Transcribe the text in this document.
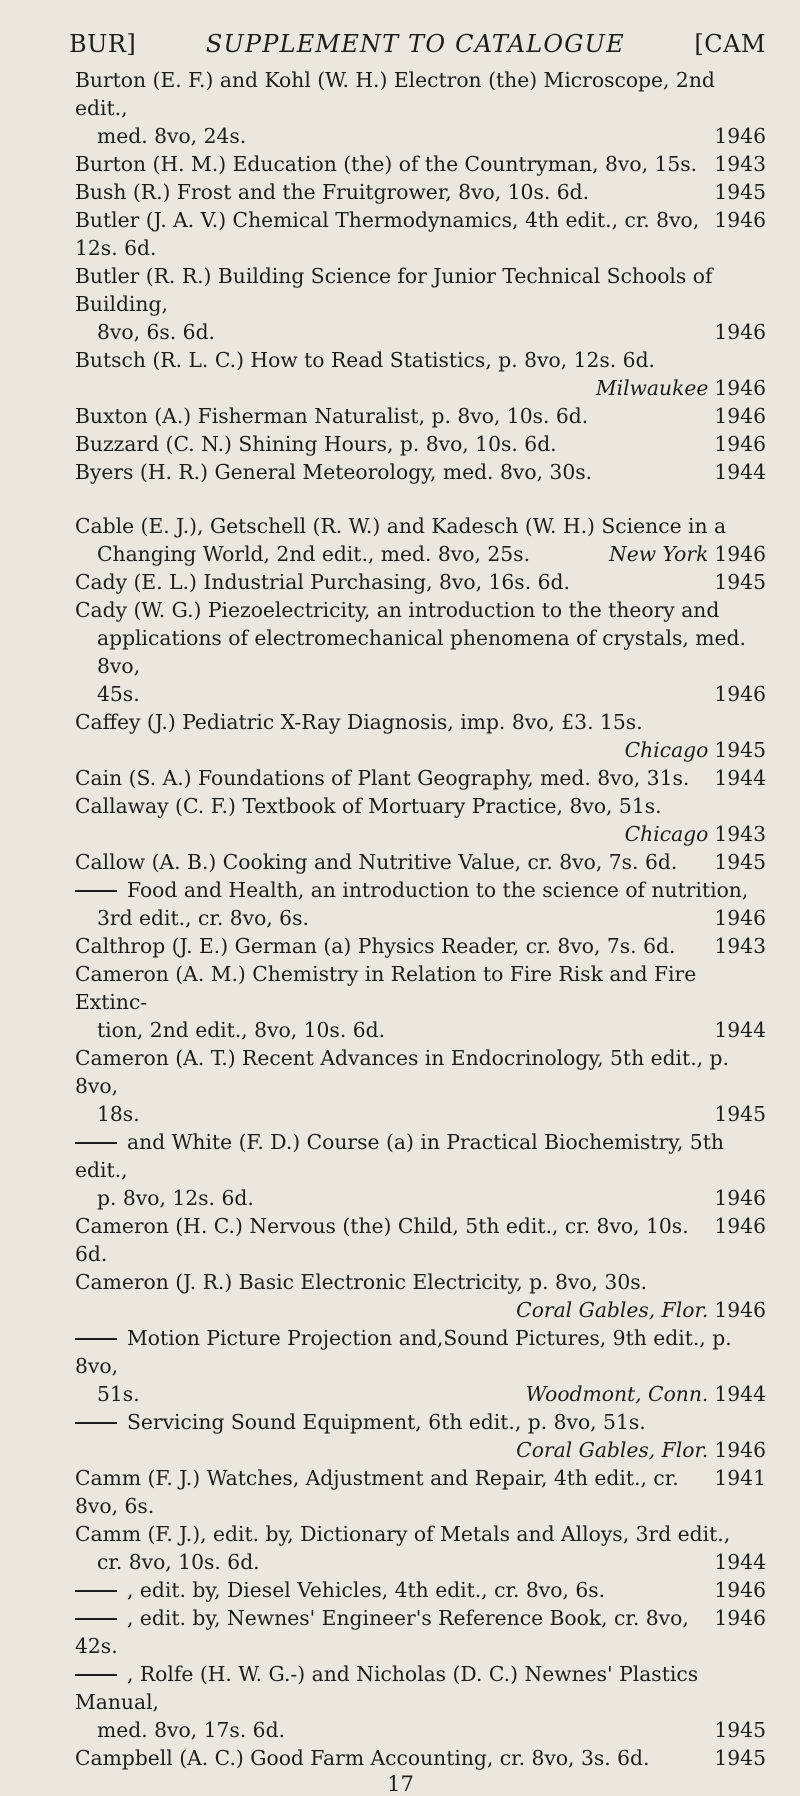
BUR]	SUPPLEMENT TO CATALOGUE	[CAM
Burton (E. F.) and Kohl (W. H.) Electron (the) Microscope, 2nd edit.,
med. 8vo, 24s.	1946
Burton (H. M.) Education (the) of the Countryman, 8vo, 15s. 1943
Bush (R.) Frost and the Fruitgrower, 8vo, 10s. 6d.	1945
Butler (J. A. V.) Chemical Thermodynamics, 4th edit., cr. 8vo, 12s. 6d.
1946
Butler (R. R.) Building Science for Junior Technical Schools of Building,
8vo, 6s. 6d.	1946
Butsch (R. L. C.) How to Read Statistics, p. 8vo, 12s. 6d.
Milwaukee 1946
Buxton (A.) Fisherman Naturalist, p. 8vo, 10s. 6d.	1946
Buzzard (C. N.) Shining Hours, p. 8vo, 10s. 6d.	1946
Byers (H. R.) General Meteorology, med. 8vo, 30s.	1944
Cable (E. J.), Getschell (R. W.) and Kadesch (W. H.) Science in a
Changing World, 2nd edit., med. 8vo, 25s.	New York 1946
Cady (E. L.) Industrial Purchasing, 8vo, 16s. 6d.	1945
Cady (W. G.) Piezoelectricity, an introduction to the theory and
applications of electromechanical phenomena of crystals, med. 8vo,
45s.	1946
Caffey (J.) Pediatric X-Ray Diagnosis, imp. 8vo, £3. 15s.
Chicago 1945
Cain (S. A.) Foundations of Plant Geography, med. 8vo, 31s.	1944
Callaway (C. F.) Textbook of Mortuary Practice, 8vo, 51s.
Chicago 1943
Callow (A. B.) Cooking and Nutritive Value, cr. 8vo, 7s. 6d.	1945
Food and Health, an introduction to the science of nutrition,
3rd edit., cr. 8vo, 6s.	1946
Calthrop (J. E.) German (a) Physics Reader, cr. 8vo, 7s. 6d.	1943
Cameron (A. M.) Chemistry in Relation to Fire Risk and Fire Extinc-
tion, 2nd edit., 8vo, 10s. 6d.	1944
Cameron (A. T.) Recent Advances in Endocrinology, 5th edit., p. 8vo,
18s.	1945
and White (F. D.) Course (a) in Practical Biochemistry, 5th edit.,
p. 8vo, 12s. 6d.	1946
Cameron (H. C.) Nervous (the) Child, 5th edit., cr. 8vo, 10s. 6d.
1946
Cameron (J. R.) Basic Electronic Electricity, p. 8vo, 30s.
Coral Gables, Flor. 1946
Motion Picture Projection and,Sound Pictures, 9th edit., p. 8vo,
51s.	Woodmont, Conn. 1944
Servicing Sound Equipment, 6th edit., p. 8vo, 51s.
Coral Gables, Flor. 1946
Camm (F. J.) Watches, Adjustment and Repair, 4th edit., cr. 8vo, 6s.
1941
Camm (F. J.), edit. by, Dictionary of Metals and Alloys, 3rd edit.,
cr. 8vo, 10s. 6d.	1944
, edit. by, Diesel Vehicles, 4th edit., cr. 8vo, 6s.	1946
, edit. by, Newnes' Engineer's Reference Book, cr. 8vo, 42s.
1946
, Rolfe (H. W. G.-) and Nicholas (D. C.) Newnes' Plastics Manual,
med. 8vo, 17s. 6d.	1945
Campbell (A. C.) Good Farm Accounting, cr. 8vo, 3s. 6d.	1945
17
